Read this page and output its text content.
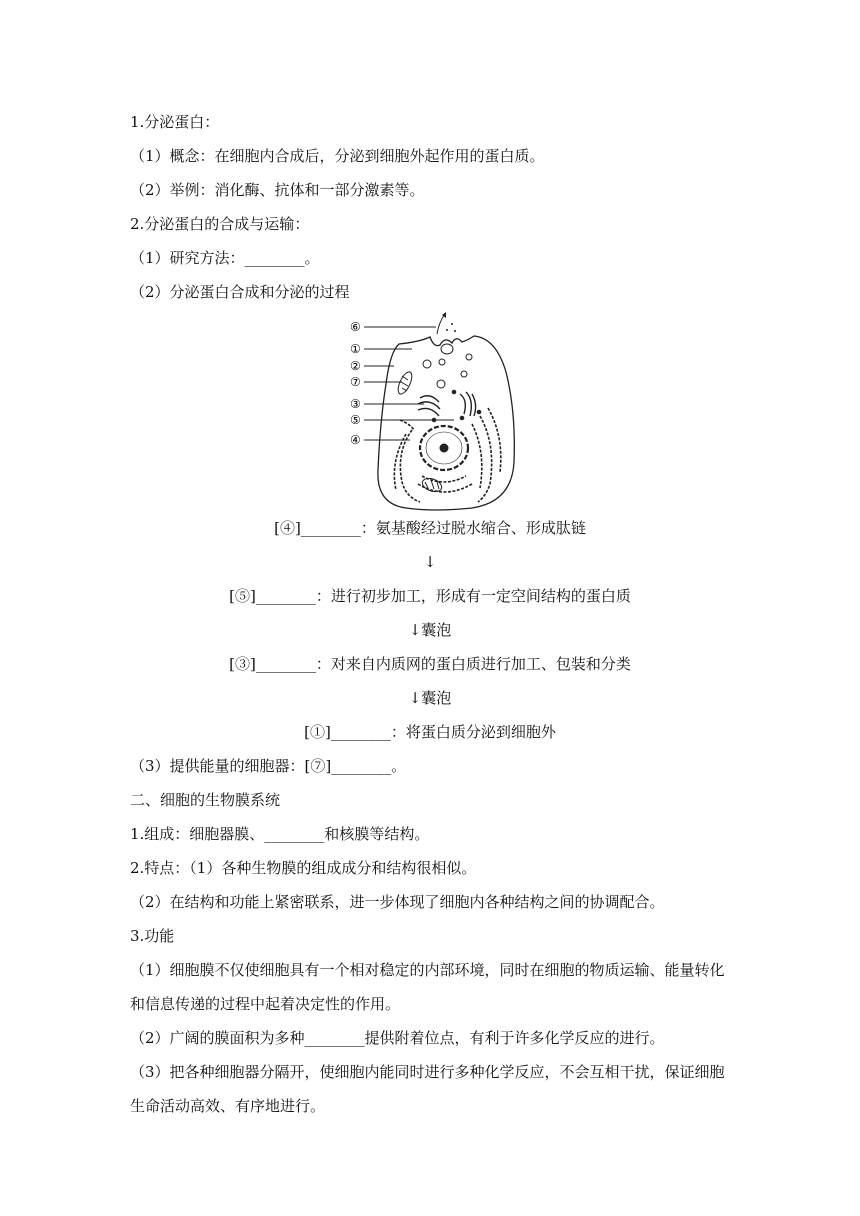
1.分泌蛋白：
（1）概念：在细胞内合成后，分泌到细胞外起作用的蛋白质。
（2）举例：消化酶、抗体和一部分激素等。
2.分泌蛋白的合成与运输：
（1）研究方法：________。
（2）分泌蛋白合成和分泌的过程
⑥
①
②
⑦
③
⑤
④
[④]________：氨基酸经过脱水缩合、形成肽链
↓
[⑤]________：进行初步加工，形成有一定空间结构的蛋白质
↓囊泡
[③]________：对来自内质网的蛋白质进行加工、包装和分类
↓囊泡
[①]________：将蛋白质分泌到细胞外
（3）提供能量的细胞器：[⑦]________。
二、细胞的生物膜系统
1.组成：细胞器膜、________和核膜等结构。
2.特点：（1）各种生物膜的组成成分和结构很相似。
（2）在结构和功能上紧密联系，进一步体现了细胞内各种结构之间的协调配合。
3.功能
（1）细胞膜不仅使细胞具有一个相对稳定的内部环境，同时在细胞的物质运输、能量转化
和信息传递的过程中起着决定性的作用。
（2）广阔的膜面积为多种________提供附着位点，有利于许多化学反应的进行。
（3）把各种细胞器分隔开，使细胞内能同时进行多种化学反应，不会互相干扰，保证细胞
生命活动高效、有序地进行。
